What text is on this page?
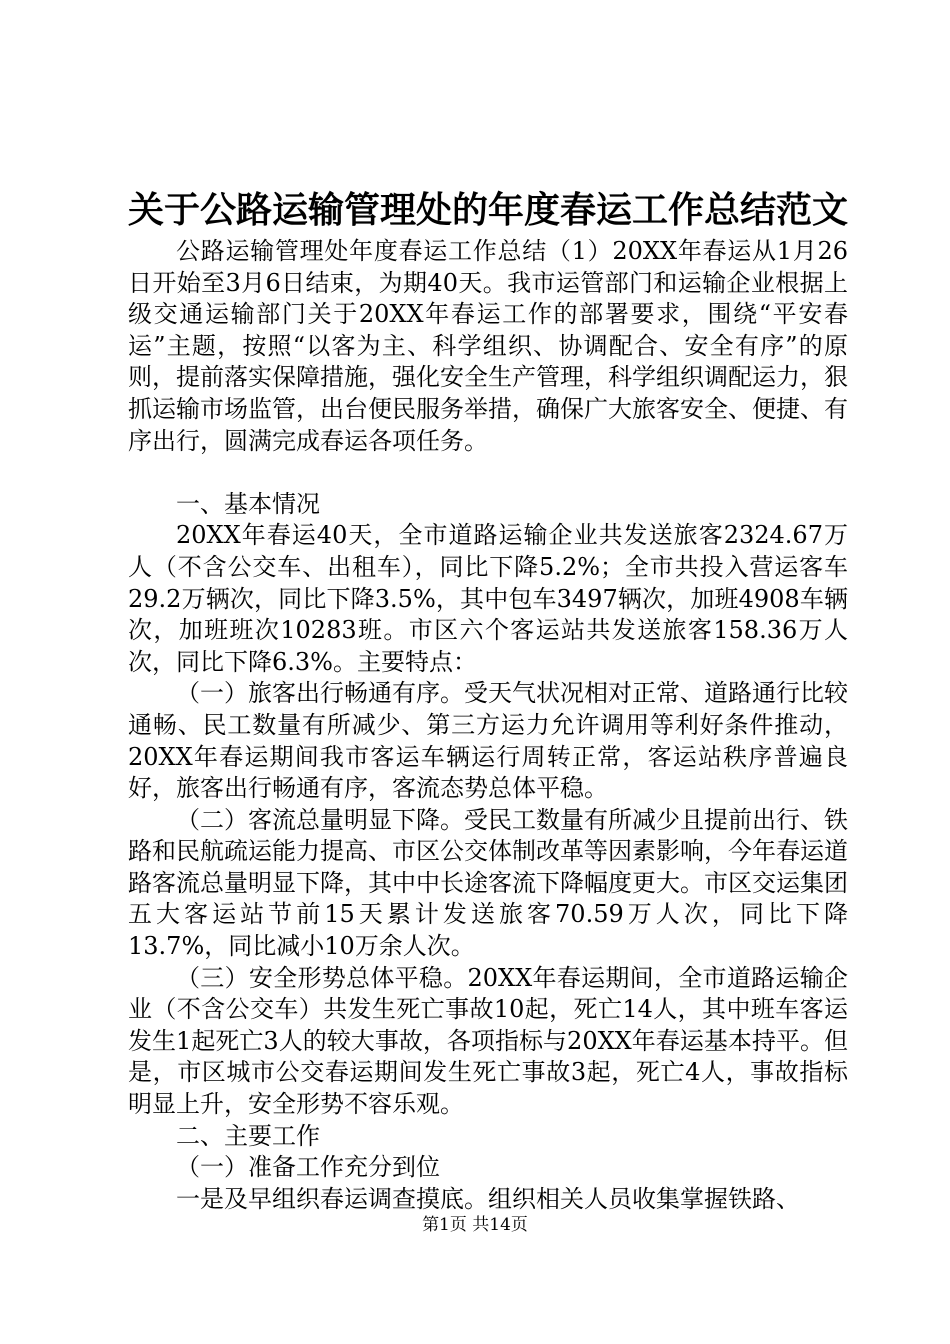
关于公路运输管理处的年度春运工作总结范文

公路运输管理处年度春运工作总结（1）20XX年春运从1月26日开始至3月6日结束，为期40天。我市运管部门和运输企业根据上级交通运输部门关于20XX年春运工作的部署要求，围绕“平安春运”主题，按照“以客为主、科学组织、协调配合、安全有序”的原则，提前落实保障措施，强化安全生产管理，科学组织调配运力，狠抓运输市场监管，出台便民服务举措，确保广大旅客安全、便捷、有序出行，圆满完成春运各项任务。

一、基本情况

20XX年春运40天，全市道路运输企业共发送旅客2324.67万人（不含公交车、出租车），同比下降5.2%；全市共投入营运客车29.2万辆次，同比下降3.5%，其中包车3497辆次，加班4908车辆次，加班班次10283班。市区六个客运站共发送旅客158.36万人次，同比下降6.3%。主要特点：

（一）旅客出行畅通有序。受天气状况相对正常、道路通行比较通畅、民工数量有所减少、第三方运力允许调用等利好条件推动，20XX年春运期间我市客运车辆运行周转正常，客运站秩序普遍良好，旅客出行畅通有序，客流态势总体平稳。

（二）客流总量明显下降。受民工数量有所减少且提前出行、铁路和民航疏运能力提高、市区公交体制改革等因素影响，今年春运道路客流总量明显下降，其中中长途客流下降幅度更大。市区交运集团五大客运站节前15天累计发送旅客70.59万人次，同比下降13.7%，同比减小10万余人次。

（三）安全形势总体平稳。20XX年春运期间，全市道路运输企业（不含公交车）共发生死亡事故10起，死亡14人，其中班车客运发生1起死亡3人的较大事故，各项指标与20XX年春运基本持平。但是，市区城市公交春运期间发生死亡事故3起，死亡4人，事故指标明显上升，安全形势不容乐观。

二、主要工作

（一）准备工作充分到位

一是及早组织春运调查摸底。组织相关人员收集掌握铁路、

第1页 共14页
